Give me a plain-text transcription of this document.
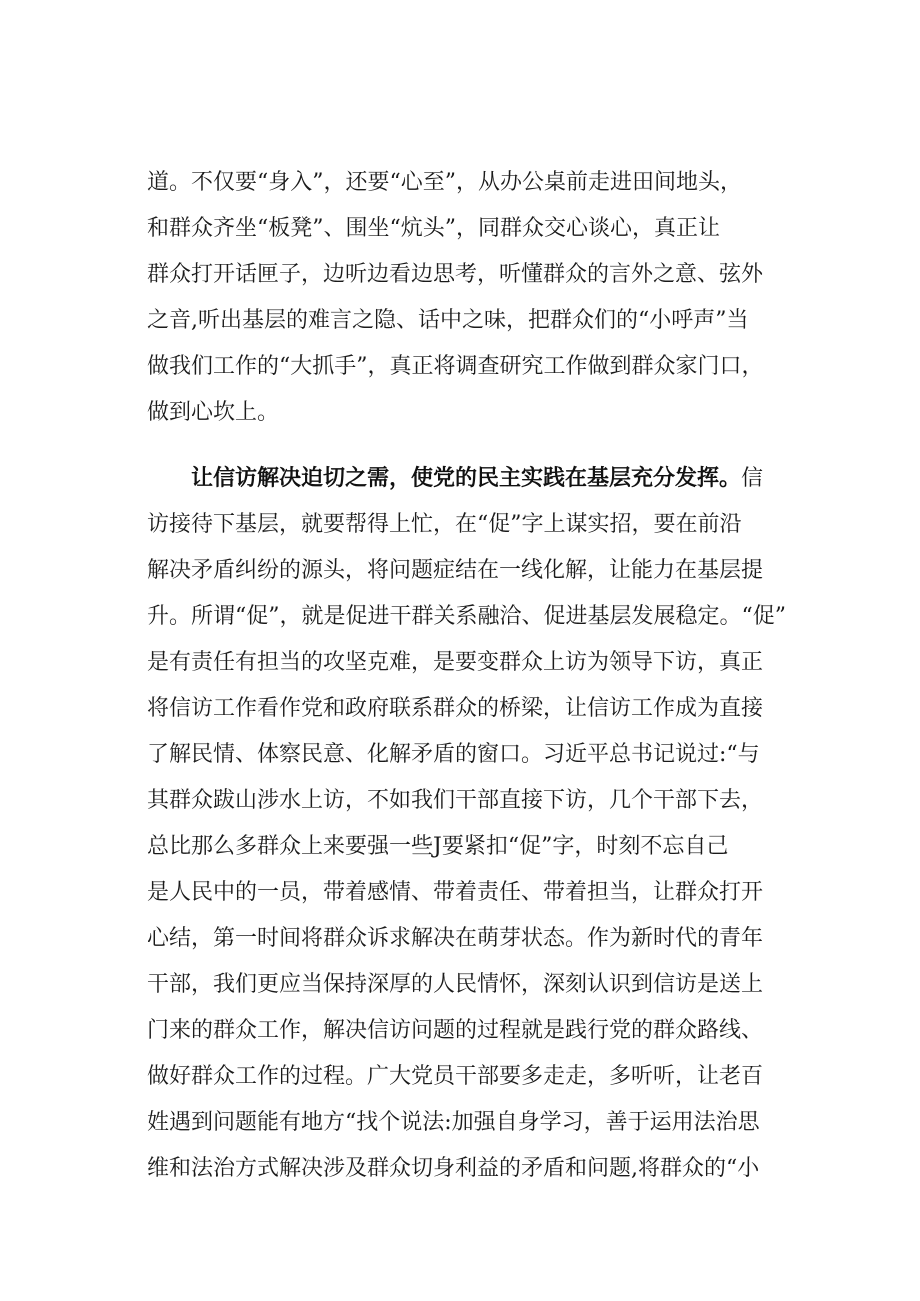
道。不仅要“身入”，还要“心至”，从办公桌前走进田间地头，
和群众齐坐“板凳”、围坐“炕头”，同群众交心谈心，真正让
群众打开话匣子，边听边看边思考，听懂群众的言外之意、弦外
之音,听出基层的难言之隐、话中之味，把群众们的“小呼声”当
做我们工作的“大抓手”，真正将调查研究工作做到群众家门口，
做到心坎上。
让信访解决迫切之需，使党的民主实践在基层充分发挥。信
访接待下基层，就要帮得上忙，在“促”字上谋实招，要在前沿
解决矛盾纠纷的源头，将问题症结在一线化解，让能力在基层提
升。所谓“促”，就是促进干群关系融洽、促进基层发展稳定。“促”
是有责任有担当的攻坚克难，是要变群众上访为领导下访，真正
将信访工作看作党和政府联系群众的桥梁，让信访工作成为直接
了解民情、体察民意、化解矛盾的窗口。习近平总书记说过:“与
其群众跋山涉水上访，不如我们干部直接下访，几个干部下去，
总比那么多群众上来要强一些J要紧扣“促”字，时刻不忘自己
是人民中的一员，带着感情、带着责任、带着担当，让群众打开
心结，第一时间将群众诉求解决在萌芽状态。作为新时代的青年
干部，我们更应当保持深厚的人民情怀，深刻认识到信访是送上
门来的群众工作，解决信访问题的过程就是践行党的群众路线、
做好群众工作的过程。广大党员干部要多走走，多听听，让老百
姓遇到问题能有地方“找个说法:加强自身学习，善于运用法治思
维和法治方式解决涉及群众切身利益的矛盾和问题,将群众的“小
